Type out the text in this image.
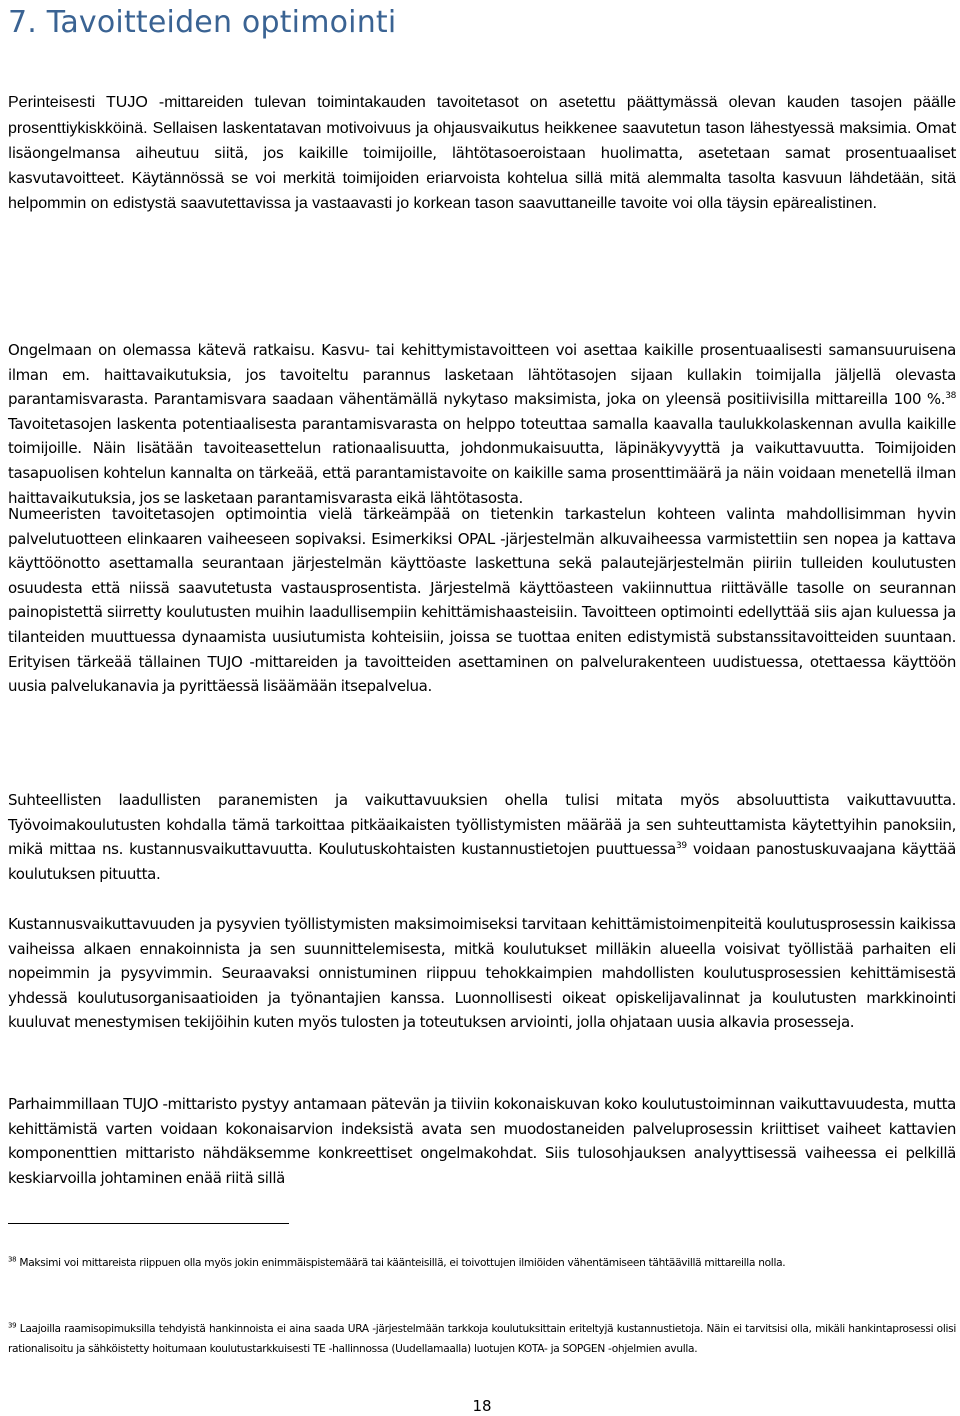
7. Tavoitteiden optimointi

Perinteisesti TUJO -mittareiden tulevan toimintakauden tavoitetasot on asetettu päättymässä olevan kauden tasojen päälle prosenttiykiskköinä. Sellaisen laskentatavan motivoivuus ja ohjausvaikutus heikkenee saavutetun tason lähestyessä maksimia. Omat lisäongelmansa aiheutuu siitä, jos kaikille toimijoille, lähtötasoeroistaan huolimatta, asetetaan samat prosentuaaliset kasvutavoitteet. Käytännössä se voi merkitä toimijoiden eriarvoista kohtelua sillä mitä alemmalta tasolta kasvuun lähdetään, sitä helpommin on edistystä saavutettavissa ja vastaavasti jo korkean tason saavuttaneille tavoite voi olla täysin epärealistinen.

Ongelmaan on olemassa kätevä ratkaisu. Kasvu- tai kehittymistavoitteen voi asettaa kaikille prosentuaalisesti samansuuruisena ilman em. haittavaikutuksia, jos tavoiteltu parannus lasketaan lähtötasojen sijaan kullakin toimijalla jäljellä olevasta parantamisvarasta. Parantamisvara saadaan vähentämällä nykytaso maksimista, joka on yleensä positiivisilla mittareilla 100 %.$^{38}$ Tavoitetasojen laskenta potentiaalisesta parantamisvarasta on helppo toteuttaa samalla kaavalla taulukkolaskennan avulla kaikille toimijoille. Näin lisätään tavoiteasettelun rationaalisuutta, johdonmukaisuutta, läpinäkyvyyttä ja vaikuttavuutta. Toimijoiden tasapuolisen kohtelun kannalta on tärkeää, että parantamistavoite on kaikille sama prosenttimäärä ja näin voidaan menetellä ilman haittavaikutuksia, jos se lasketaan parantamisvarasta eikä lähtötasosta.

Numeeristen tavoitetasojen optimointia vielä tärkeämpää on tietenkin tarkastelun kohteen valinta mahdollisimman hyvin palvelutuotteen elinkaaren vaiheeseen sopivaksi. Esimerkiksi OPAL -järjestelmän alkuvaiheessa varmistettiin sen nopea ja kattava käyttöönotto asettamalla seurantaan järjestelmän käyttöaste laskettuna sekä palautejärjestelmän piiriin tulleiden koulutusten osuudesta että niissä saavutetusta vastausprosentista. Järjestelmä käyttöasteen vakiinnuttua riittävälle tasolle on seurannan painopistettä siirretty koulutusten muihin laadullisempiin kehittämishaasteisiin. Tavoitteen optimointi edellyttää siis ajan kuluessa ja tilanteiden muuttuessa dynaamista uusiutumista kohteisiin, joissa se tuottaa eniten edistymistä substanssitavoitteiden suuntaan. Erityisen tärkeää tällainen TUJO -mittareiden ja tavoitteiden asettaminen on palvelurakenteen uudistuessa, otettaessa käyttöön uusia palvelukanavia ja pyrittäessä lisäämään itsepalvelua.

Suhteellisten laadullisten paranemisten ja vaikuttavuuksien ohella tulisi mitata myös absoluuttista vaikuttavuutta. Työvoimakoulutusten kohdalla tämä tarkoittaa pitkäaikaisten työllistymisten määrää ja sen suhteuttamista käytettyihin panoksiin, mikä mittaa ns. kustannusvaikuttavuutta. Koulutuskohtaisten kustannustietojen puuttuessa$^{39}$ voidaan panostuskuvaajana käyttää koulutuksen pituutta.

Kustannusvaikuttavuuden ja pysyvien työllistymisten maksimoimiseksi tarvitaan kehittämistoimenpiteitä koulutusprosessin kaikissa vaiheissa alkaen ennakoinnista ja sen suunnittelemisesta, mitkä koulutukset milläkin alueella voisivat työllistää parhaiten eli nopeimmin ja pysyvimmin. Seuraavaksi onnistuminen riippuu tehokkaimpien mahdollisten koulutusprosessien kehittämisestä yhdessä koulutusorganisaatioiden ja työnantajien kanssa. Luonnollisesti oikeat opiskelijavalinnat ja koulutusten markkinointi kuuluvat menestymisen tekijöihin kuten myös tulosten ja toteutuksen arviointi, jolla ohjataan uusia alkavia prosesseja.

Parhaimmillaan TUJO -mittaristo pystyy antamaan pätevän ja tiiviin kokonaiskuvan koko koulutustoiminnan vaikuttavuudesta, mutta kehittämistä varten voidaan kokonaisarvion indeksistä avata sen muodostaneiden palveluprosessin kriittiset vaiheet kattavien komponenttien mittaristo nähdäksemme konkreettiset ongelmakohdat. Siis tulosohjauksen analyyttisessä vaiheessa ei pelkillä keskiarvoilla johtaminen enää riitä sillä

$^{38}$ Maksimi voi mittareista riippuen olla myös jokin enimmäispistemäärä tai käänteisillä, ei toivottujen ilmiöiden vähentämiseen tähtäävillä mittareilla nolla.

$^{39}$ Laajoilla raamisopimuksilla tehdyistä hankinnoista ei aina saada URA -järjestelmään tarkkoja koulutuksittain eriteltyjä kustannustietoja. Näin ei tarvitsisi olla, mikäli hankintaprosessi olisi rationalisoitu ja sähköistetty hoitumaan koulutustarkkuisesti TE -hallinnossa (Uudellamaalla) luotujen KOTA- ja SOPGEN -ohjelmien avulla.

18
